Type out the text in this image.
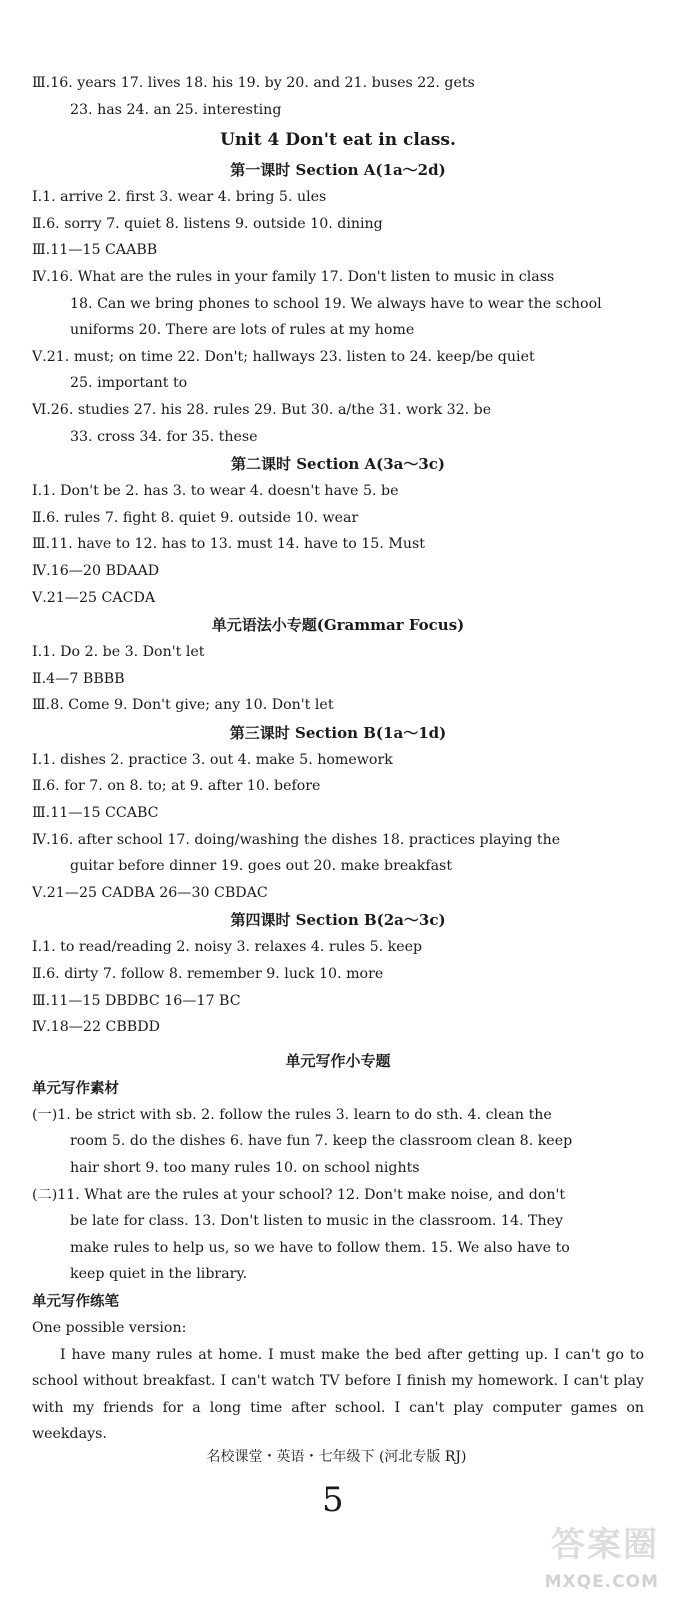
Ⅲ.16. years 17. lives 18. his 19. by 20. and 21. buses 22. gets
23. has 24. an 25. interesting
Unit 4 Don't eat in class.
第一课时 Section A(1a～2d)
Ⅰ.1. arrive 2. first 3. wear 4. bring 5. ules
Ⅱ.6. sorry 7. quiet 8. listens 9. outside 10. dining
Ⅲ.11—15 CAABB
Ⅳ.16. What are the rules in your family 17. Don't listen to music in class
18. Can we bring phones to school 19. We always have to wear the school
uniforms 20. There are lots of rules at my home
Ⅴ.21. must; on time 22. Don't; hallways 23. listen to 24. keep/be quiet
25. important to
Ⅵ.26. studies 27. his 28. rules 29. But 30. a/the 31. work 32. be
33. cross 34. for 35. these
第二课时 Section A(3a～3c)
Ⅰ.1. Don't be 2. has 3. to wear 4. doesn't have 5. be
Ⅱ.6. rules 7. fight 8. quiet 9. outside 10. wear
Ⅲ.11. have to 12. has to 13. must 14. have to 15. Must
Ⅳ.16—20 BDAAD
Ⅴ.21—25 CACDA
单元语法小专题(Grammar Focus)
Ⅰ.1. Do 2. be 3. Don't let
Ⅱ.4—7 BBBB
Ⅲ.8. Come 9. Don't give; any 10. Don't let
第三课时 Section B(1a～1d)
Ⅰ.1. dishes 2. practice 3. out 4. make 5. homework
Ⅱ.6. for 7. on 8. to; at 9. after 10. before
Ⅲ.11—15 CCABC
Ⅳ.16. after school 17. doing/washing the dishes 18. practices playing the
guitar before dinner 19. goes out 20. make breakfast
Ⅴ.21—25 CADBA 26—30 CBDAC
第四课时 Section B(2a～3c)
Ⅰ.1. to read/reading 2. noisy 3. relaxes 4. rules 5. keep
Ⅱ.6. dirty 7. follow 8. remember 9. luck 10. more
Ⅲ.11—15 DBDBC 16—17 BC
Ⅳ.18—22 CBBDD
单元写作小专题
单元写作素材
(一)1. be strict with sb. 2. follow the rules 3. learn to do sth. 4. clean the
room 5. do the dishes 6. have fun 7. keep the classroom clean 8. keep
hair short 9. too many rules 10. on school nights
(二)11. What are the rules at your school? 12. Don't make noise, and don't
be late for class. 13. Don't listen to music in the classroom. 14. They
make rules to help us, so we have to follow them. 15. We also have to
keep quiet in the library.
单元写作练笔
One possible version:

I have many rules at home. I must make the bed after getting up. I can't go to school without breakfast. I can't watch TV before I finish my homework. I can't play with my friends for a long time after school. I can't play computer games on weekdays.

名校课堂・英语・七年级下 (河北专版 RJ)
5
答案圈
MXQE.COM
